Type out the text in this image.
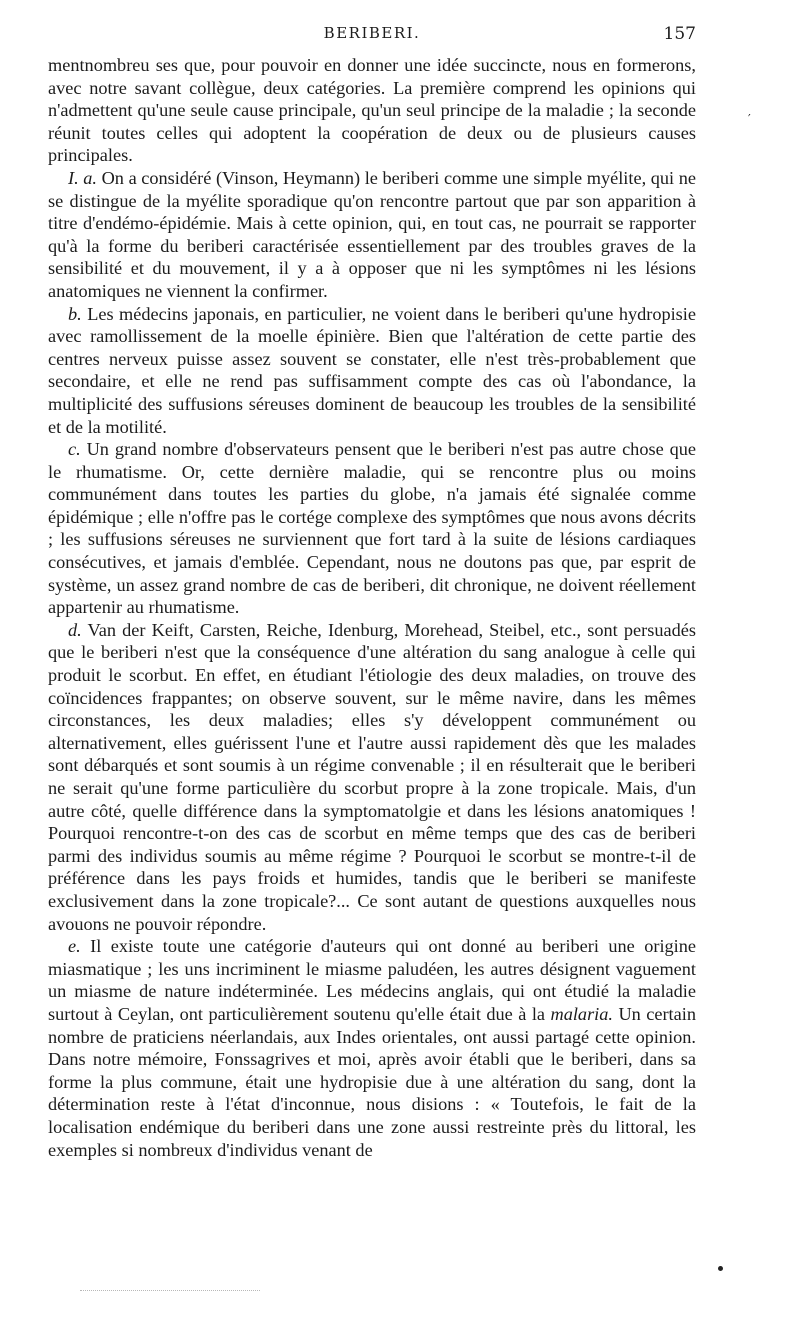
BERIBERI.	157

mentnombreu ses que, pour pouvoir en donner une idée succincte, nous en formerons, avec notre savant collègue, deux catégories. La première comprend les opinions qui n'admettent qu'une seule cause principale, qu'un seul principe de la maladie ; la seconde réunit toutes celles qui adoptent la coopération de deux ou de plusieurs causes principales.

I. a. On a considéré (Vinson, Heymann) le beriberi comme une simple myélite, qui ne se distingue de la myélite sporadique qu'on rencontre partout que par son apparition à titre d'endémo-épidémie. Mais à cette opinion, qui, en tout cas, ne pourrait se rapporter qu'à la forme du beriberi caractérisée essentiellement par des troubles graves de la sensibilité et du mouvement, il y a à opposer que ni les symptômes ni les lésions anatomiques ne viennent la confirmer.

b. Les médecins japonais, en particulier, ne voient dans le beriberi qu'une hydropisie avec ramollissement de la moelle épinière. Bien que l'altération de cette partie des centres nerveux puisse assez souvent se constater, elle n'est très-probablement que secondaire, et elle ne rend pas suffisamment compte des cas où l'abondance, la multiplicité des suffusions séreuses dominent de beaucoup les troubles de la sensibilité et de la motilité.

c. Un grand nombre d'observateurs pensent que le beriberi n'est pas autre chose que le rhumatisme. Or, cette dernière maladie, qui se rencontre plus ou moins communément dans toutes les parties du globe, n'a jamais été signalée comme épidémique ; elle n'offre pas le cortége complexe des symptômes que nous avons décrits ; les suffusions séreuses ne surviennent que fort tard à la suite de lésions cardiaques consécutives, et jamais d'emblée. Cependant, nous ne doutons pas que, par esprit de système, un assez grand nombre de cas de beriberi, dit chronique, ne doivent réellement appartenir au rhumatisme.

d. Van der Keift, Carsten, Reiche, Idenburg, Morehead, Steibel, etc., sont persuadés que le beriberi n'est que la conséquence d'une altération du sang analogue à celle qui produit le scorbut. En effet, en étudiant l'étiologie des deux maladies, on trouve des coïncidences frappantes; on observe souvent, sur le même navire, dans les mêmes circonstances, les deux maladies; elles s'y développent communément ou alternativement, elles guérissent l'une et l'autre aussi rapidement dès que les malades sont débarqués et sont soumis à un régime convenable ; il en résulterait que le beriberi ne serait qu'une forme particulière du scorbut propre à la zone tropicale. Mais, d'un autre côté, quelle différence dans la symptomatolgie et dans les lésions anatomiques ! Pourquoi rencontre-t-on des cas de scorbut en même temps que des cas de beriberi parmi des individus soumis au même régime ? Pourquoi le scorbut se montre-t-il de préférence dans les pays froids et humides, tandis que le beriberi se manifeste exclusivement dans la zone tropicale?... Ce sont autant de questions auxquelles nous avouons ne pouvoir répondre.

e. Il existe toute une catégorie d'auteurs qui ont donné au beriberi une origine miasmatique ; les uns incriminent le miasme paludéen, les autres désignent vaguement un miasme de nature indéterminée. Les médecins anglais, qui ont étudié la maladie surtout à Ceylan, ont particulièrement soutenu qu'elle était due à la malaria. Un certain nombre de praticiens néerlandais, aux Indes orientales, ont aussi partagé cette opinion. Dans notre mémoire, Fonssagrives et moi, après avoir établi que le beriberi, dans sa forme la plus commune, était une hydropisie due à une altération du sang, dont la détermination reste à l'état d'inconnue, nous disions : « Toutefois, le fait de la localisation endémique du beriberi dans une zone aussi restreinte près du littoral, les exemples si nombreux d'individus venant de

′
